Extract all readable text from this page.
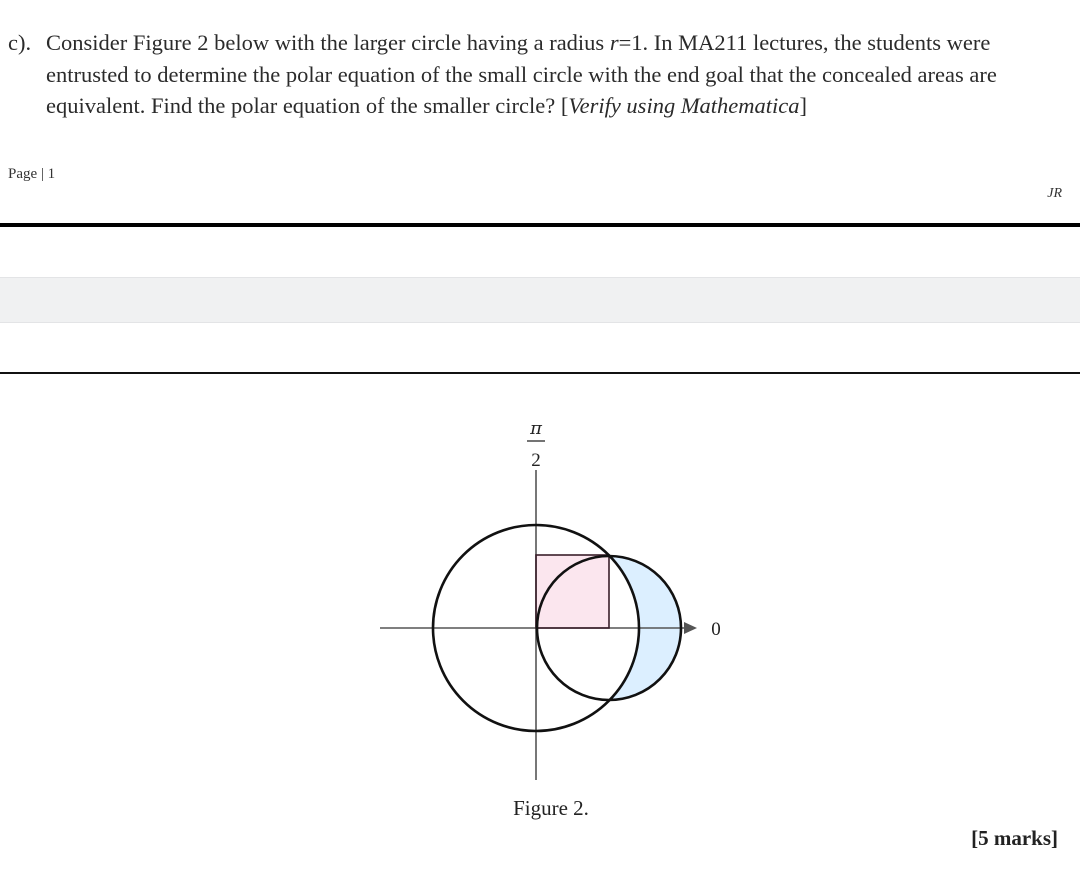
c). Consider Figure 2 below with the larger circle having a radius r=1. In MA211 lectures, the students were entrusted to determine the polar equation of the small circle with the end goal that the concealed areas are equivalent. Find the polar equation of the smaller circle? [Verify using Mathematica]
Page | 1
JR
π
2
0
Figure 2.
[5 marks]
